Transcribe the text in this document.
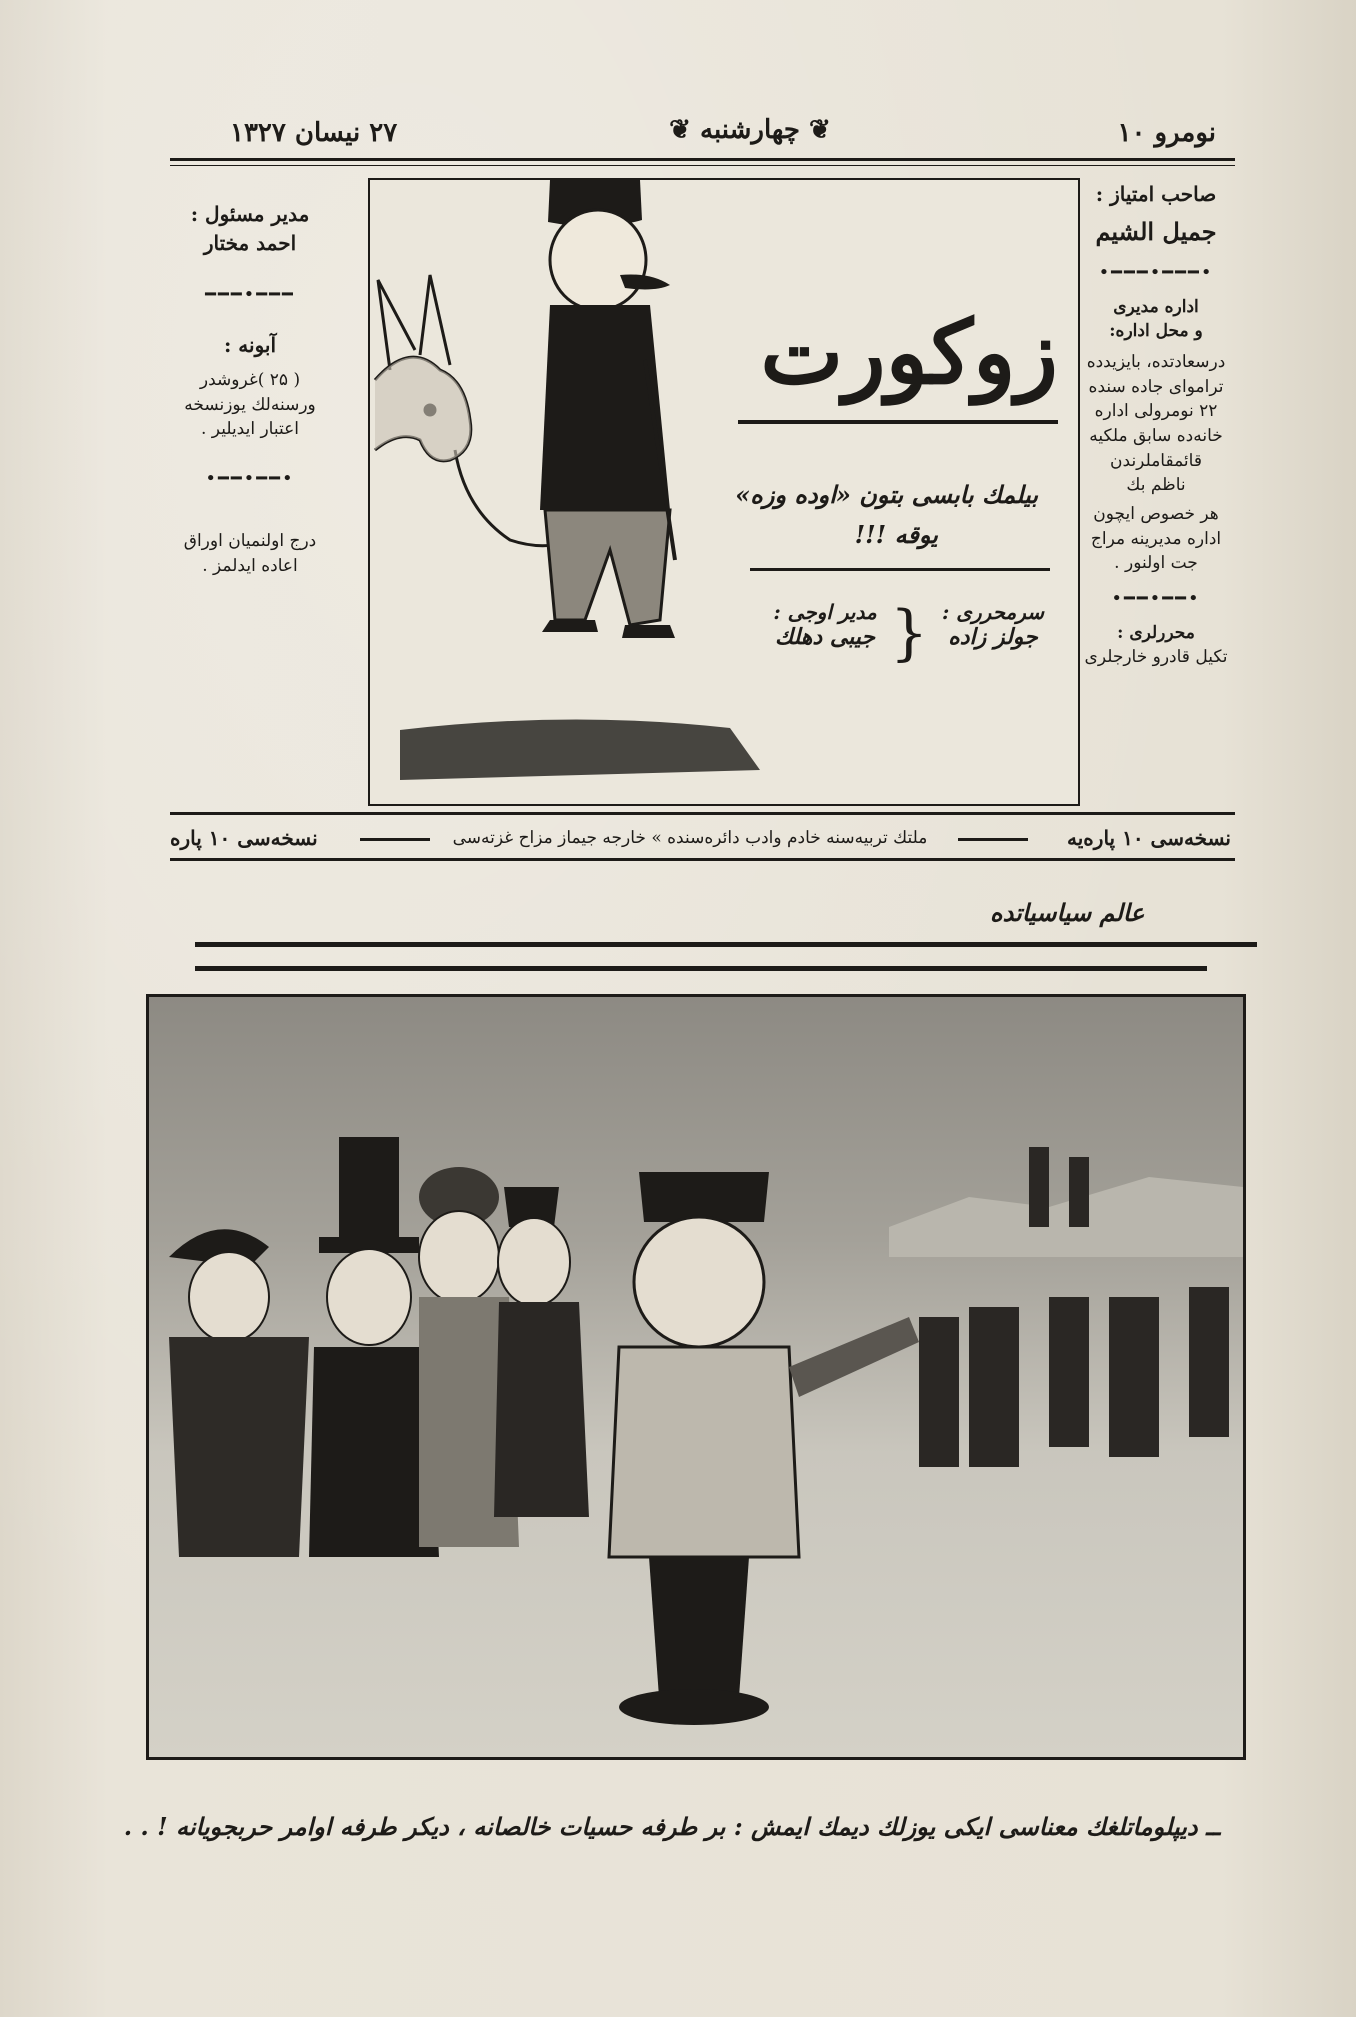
نومرو ۱۰
❦ چهارشنبه ❦
۲۷ نیسان ۱۳۲۷
صاحب امتیاز :
جمیل الشیم
•━━━•━━━•
اداره مدیری
و محل اداره:
درسعادتده، بایزیدده
تراموای جاده سنده
۲۲ نومرولی اداره
خانه‌ده سابق ملکیه
قائمقاملرندن
ناظم بك
هر خصوص ایچون
اداره مدیرینه مراج
جت اولنور .
•━━•━━•
محررلری :
تکیل قادرو خارجلری
مدیر مسئول :
احمد مختار
━━━•━━━
آبونه :
( ۲۵ )غروشدر
ورسنه‌لك یوزنسخه
اعتبار ایدیلیر .
•━━•━━•
درج اولنمیان اوراق
اعاده ایدلمز .
زوکورت
بیلمك بابسی بتون «اوده وزه»
یوقه !!!
سرمحرری :
جولز زاده
}
مدیر اوجی :
جیبی دهلك
نسخه‌سی ۱۰ پاره‌یه
ملتك تربیه‌سنه خادم وادب دائره‌سنده » خارجه جیماز مزاح غزته‌سی
نسخه‌سی ۱۰ پاره
عالم سیاسیاتده
ــ دیپلوماتلغك معناسی ایکی یوزلك دیمك ایمش : بر طرفه حسیات خالصانه ، دیکر طرفه اوامر حربجویانه ! . .
